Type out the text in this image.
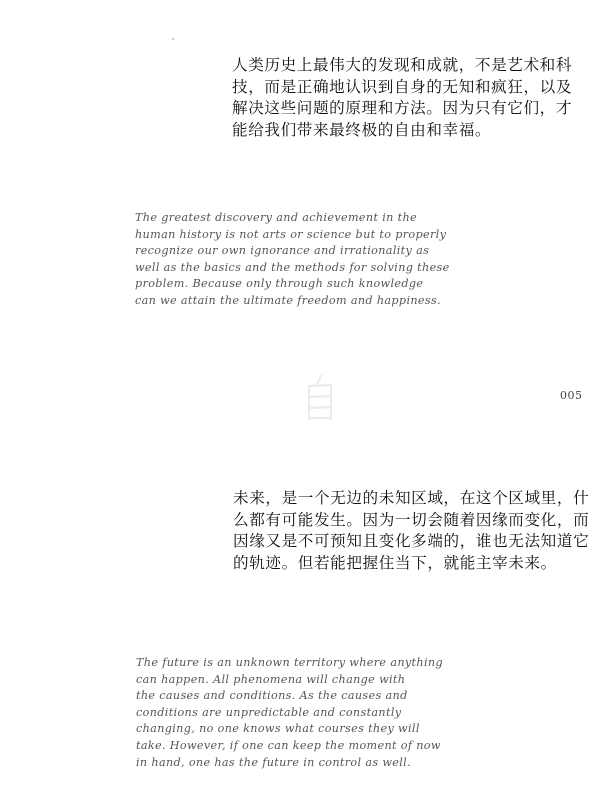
人类历史上最伟大的发现和成就，不是艺术和科
技，而是正确地认识到自身的无知和疯狂，以及
解决这些问题的原理和方法。因为只有它们，才
能给我们带来最终极的自由和幸福。
The greatest discovery and achievement in the
human history is not arts or science but to properly
recognize our own ignorance and irrationality as
well as the basics and the methods for solving these
problem. Because only through such knowledge
can we attain the ultimate freedom and happiness.
005
未来，是一个无边的未知区域，在这个区域里，什
么都有可能发生。因为一切会随着因缘而变化，而
因缘又是不可预知且变化多端的，谁也无法知道它
的轨迹。但若能把握住当下，就能主宰未来。
The future is an unknown territory where anything
can happen. All phenomena will change with
the causes and conditions. As the causes and
conditions are unpredictable and constantly
changing, no one knows what courses they will
take. However, if one can keep the moment of now
in hand, one has the future in control as well.
